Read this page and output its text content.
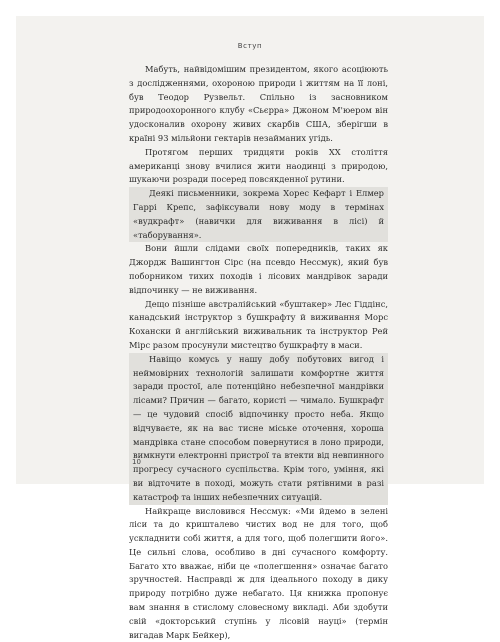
Вступ

Мабуть, найвідомішим президентом, якого асоціюють з дослідженнями, охороною природи і життям на її лоні, був Теодор Рузвельт. Спільно із засновником природоохоронного клубу «Сьєрра» Джоном М'юером він удосконалив охорону живих скарбів США, зберігши в країні 93 мільйони гектарів незайманих угідь.

Протягом перших тридцяти років XX століття американці знову вчилися жити наодинці з природою, шукаючи розради посеред повсякденної рутини.

Деякі письменники, зокрема Хорес Кефарт і Елмер Гаррі Крепс, зафіксували нову моду в термінах «вудкрафт» (навички для виживання в лісі) й «таборування».

Вони йшли слідами своїх попередників, таких як Джордж Вашингтон Сірс (на псевдо Нессмук), який був поборником тихих походів і лісових мандрівок заради відпочинку — не виживання.

Дещо пізніше австралійський «буштакер» Лес Гіддінс, канадський інструктор з бушкрафту й виживання Морс Кохански й англійський виживальник та інструктор Рей Мірс разом просунули мистецтво бушкрафту в маси.

Навіщо комусь у нашу добу побутових вигод і неймовірних технологій залишати комфортне життя заради простої, але потенційно небезпечної мандрівки лісами? Причин — багато, користі — чимало. Бушкрафт — це чудовий спосіб відпочинку просто неба. Якщо відчуваєте, як на вас тисне міське оточення, хороша мандрівка стане способом повернутися в лоно природи, вимкнути електронні пристрої та втекти від невпинного прогресу сучасного суспільства. Крім того, уміння, які ви відточите в поході, можуть стати рятівними в разі катастроф та інших небезпечних ситуацій.

Найкраще висловився Нессмук: «Ми йдемо в зелені ліси та до кришталево чистих вод не для того, щоб ускладнити собі життя, а для того, щоб полегшити його». Це сильні слова, особливо в дні сучасного комфорту. Багато хто вважає, ніби це «полегшення» означає багато зручностей. Насправді ж для ідеального походу в дику природу потрібно дуже небагато. Ця книжка пропонує вам знання в стислому словесному викладі. Аби здобути свій «докторський ступінь у лісовій науці» (термін вигадав Марк Бейкер),

10
